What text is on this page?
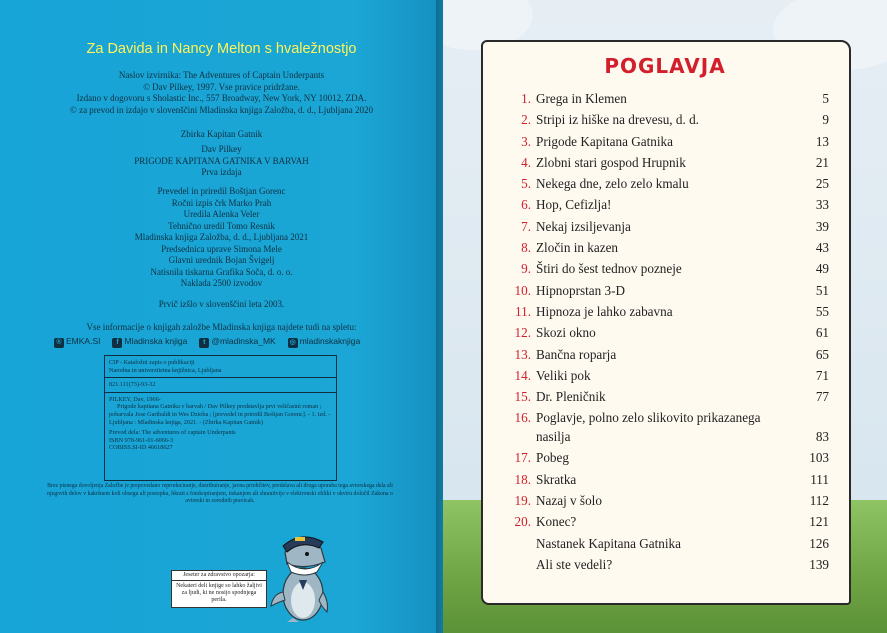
Za Davida in Nancy Melton s hvaležnostjo
Naslov izvirnika: The Adventures of Captain Underpants
© Dav Pilkey, 1997. Vse pravice pridržane.
Izdano v dogovoru s Sholastic Inc., 557 Broadway, New York, NY 10012, ZDA.
© za prevod in izdajo v slovenščini Mladinska knjiga Založba, d. d., Ljubljana 2020
Zbirka Kapitan Gatnik
Dav Pilkey
PRIGODE KAPITANA GATNIKA V BARVAH
Prva izdaja
Prevedel in priredil Boštjan Gorenc
Ročni izpis črk Marko Prah
Uredila Alenka Veler
Tehnično uredil Tomo Resnik
Mladinska knjiga Založba, d. d., Ljubljana 2021
Predsednica uprave Simona Mele
Glavni urednik Bojan Švigelj
Natisnila tiskarna Grafika Soča, d. o. o.
Naklada 2500 izvodov
Prvič izšlo v slovenščini leta 2003.
Vse informacije o knjigah založbe Mladinska knjiga najdete tudi na spletu:
® EMKA.SI	f Mladinska knjiga	t @mladinska_MK ◎ mladinskaknjiga

CIP - Kataložni zapis o publikaciji

Narodna in univerzitetna knjižnica, Ljubljana

821.111(73)-93-32

PILKEY, Dav, 1966-

Prigode kapitana Gatnika v barvah / Dav Pilkey predstavlja prvi veličastni roman ; pobarvala Jose Garibaldi in Wes Dzioba ; [prevedel in priredil Boštjan Gorenc]. - 1. izd. - Ljubljana : Mladinska knjiga, 2021. - (Zbirka Kapitan Gatnik)

Prevod dela: The adventures of captain Underpants

ISBN 978-961-01-6066-3

COBISS.SI-ID 46618627

Brez pisnega dovoljenja Založbe je prepovedano reproduciranje, distribuiranje, javna priobčitev, predelava ali druga uporaba tega avtorskega dela ali njegovih delov v kakršnem koli obsegu ali postopku, hkrati s fotokopiranjem, tiskanjem ali shranitvijo v elektronski obliki v okviru določil Zakona o avtorski in sorodnih pravicah.
Jeseter za zdravstvo opozarja:
Nekateri deli knjige so lahko žaljivi za ljudi, ki ne nosijo spodnjega perila.
POGLAVJA
1. Grega in Klemen	5
2. Stripi iz hiške na drevesu, d. d.	9
3. Prigode Kapitana Gatnika	13
4. Zlobni stari gospod Hrupnik	21
5. Nekega dne, zelo zelo kmalu	25
6. Hop, Cefizlja!	33
7. Nekaj izsiljevanja	39
8. Zločin in kazen	43
9. Štiri do šest tednov pozneje	49
10. Hipnoprstan 3-D	51
11. Hipnoza je lahko zabavna	55
12. Skozi okno	61
13. Bančna roparja	65
14. Veliki pok	71
15. Dr. Pleničnik	77
16. Poglavje, polno zelo slikovito prikazanega nasilja	83
17. Pobeg	103
18. Skratka	111
19. Nazaj v šolo	112
20. Konec?	121
Nastanek Kapitana Gatnika	126
Ali ste vedeli?	139
